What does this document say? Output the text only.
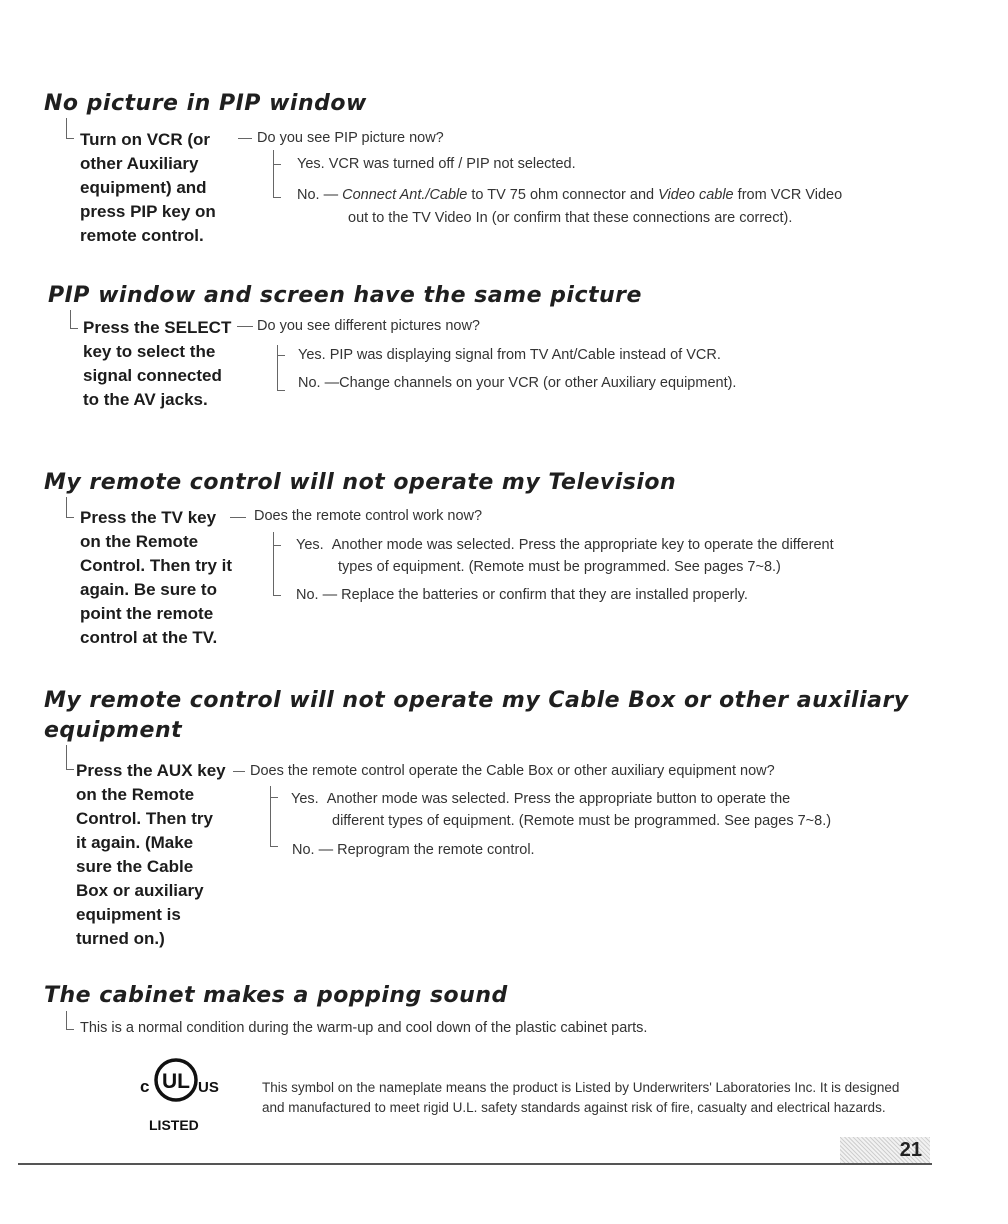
No picture in PIP window
Turn on VCR (or
other Auxiliary
equipment) and
press PIP key on
remote control.
Do you see PIP picture now?
Yes. VCR was turned off / PIP not selected.
No. — Connect Ant./Cable to TV 75 ohm connector and Video cable from VCR Video
out to the TV Video In (or confirm that these connections are correct).
PIP window and screen have the same picture
Press the SELECT
key to select the
signal connected
to the AV jacks.
Do you see different pictures now?
Yes. PIP was displaying signal from TV Ant/Cable instead of VCR.
No. —Change channels on your VCR (or other Auxiliary equipment).
My remote control will not operate my Television
Press the TV key
on the Remote
Control. Then try it
again. Be sure to
point the remote
control at the TV.
Does the remote control work now?
Yes. Another mode was selected. Press the appropriate key to operate the different
types of equipment. (Remote must be programmed. See pages 7~8.)
No. — Replace the batteries or confirm that they are installed properly.
My remote control will not operate my Cable Box or other auxiliary equipment
Press the AUX key
on the Remote
Control. Then try
it again. (Make
sure the Cable
Box or auxiliary
equipment is
turned on.)
Does the remote control operate the Cable Box or other auxiliary equipment now?
Yes. Another mode was selected. Press the appropriate button to operate the
different types of equipment. (Remote must be programmed. See pages 7~8.)
No. — Reprogram the remote control.
The cabinet makes a popping sound
This is a normal condition during the warm-up and cool down of the plastic cabinet parts.
c UL US
LISTED
This symbol on the nameplate means the product is Listed by Underwriters' Laboratories Inc. It is designed and manufactured to meet rigid U.L. safety standards against risk of fire, casualty and electrical hazards.
21
